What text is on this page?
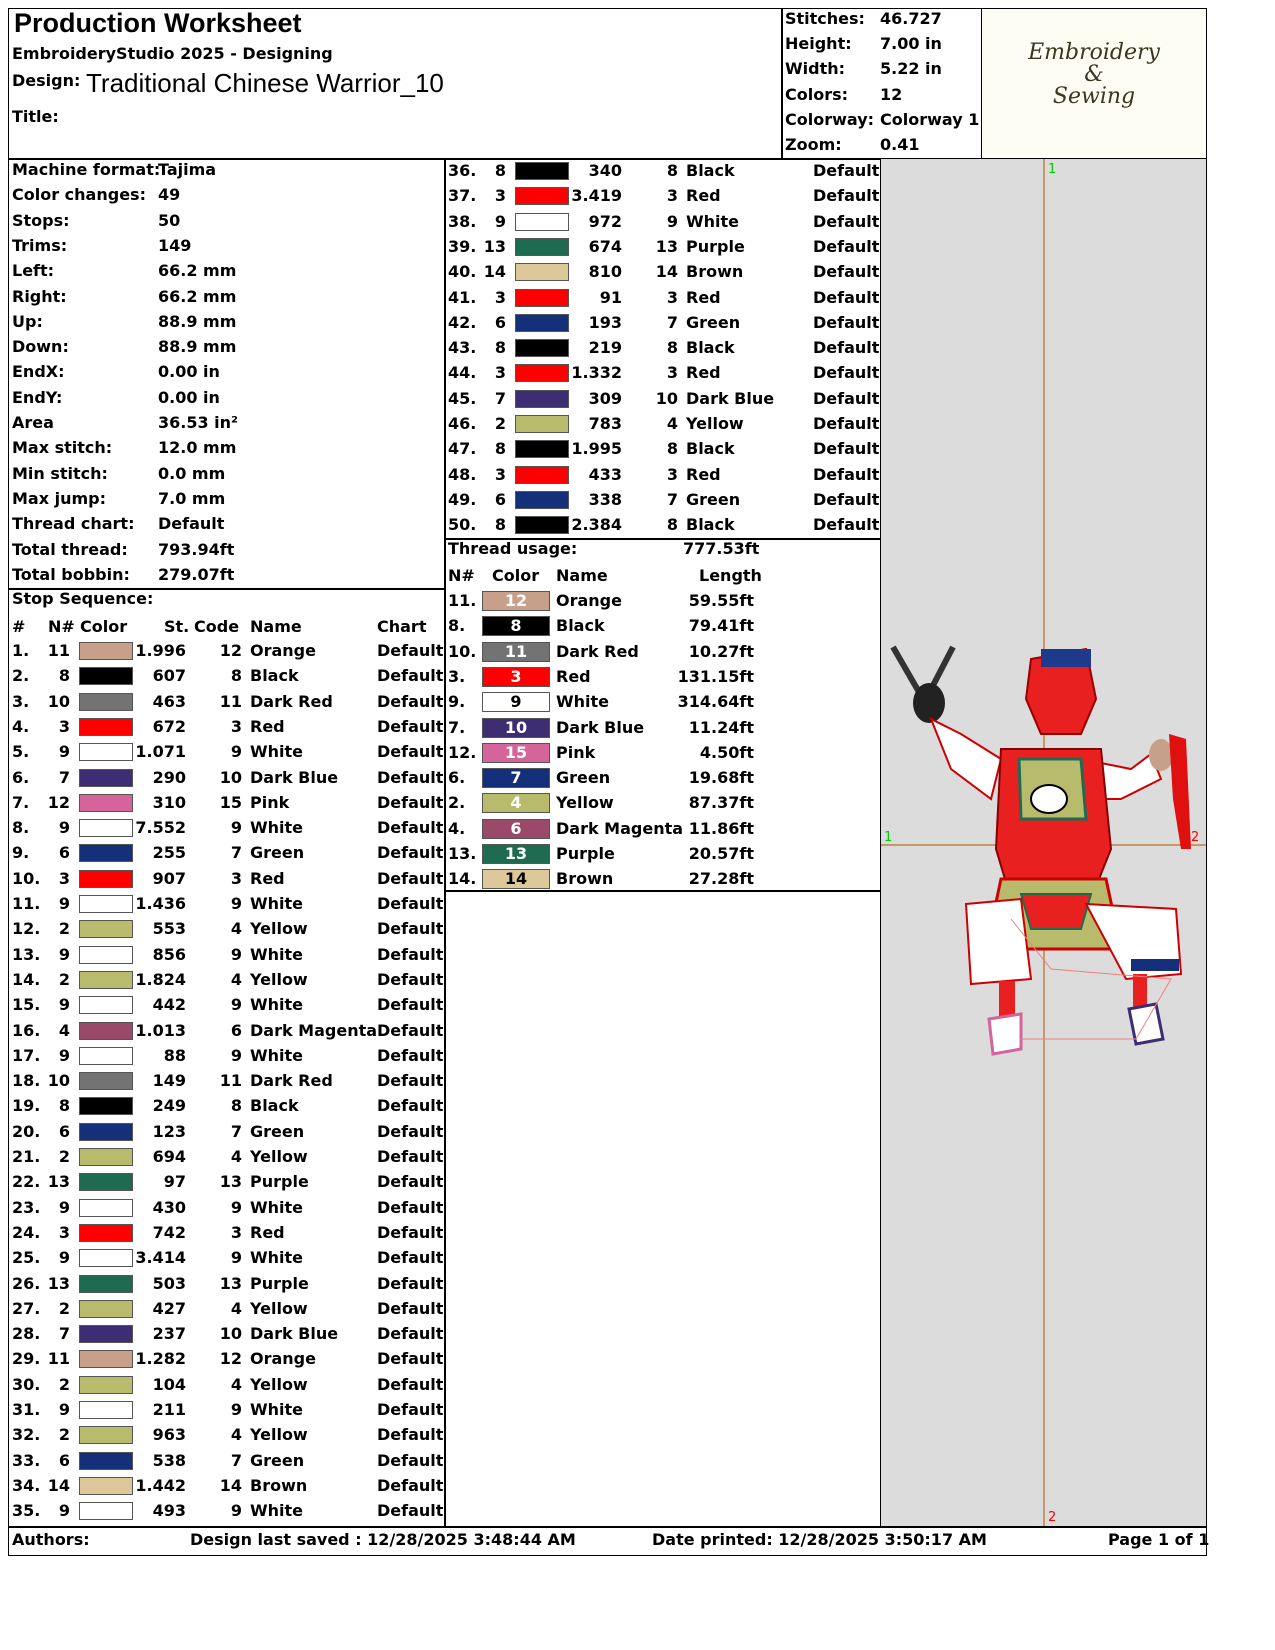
Production Worksheet
EmbroideryStudio 2025 - Designing
Design: Traditional Chinese Warrior_10
Title:
Stitches: 46.727
Height: 7.00 in
Width: 5.22 in
Colors: 12
Colorway: Colorway 1
Zoom: 0.41
Embroidery
&
Sewing
Machine format:
Tajima
Color changes: 49
Stops:	50
Trims:	149
Left:	66.2 mm
Right:	66.2 mm
Up:	88.9 mm
Down:	88.9 mm
EndX:	0.00 in
EndY:	0.00 in
Area	36.53 in²
Max stitch:	12.0 mm
Min stitch:	0.0 mm
Max jump:	7.0 mm
Thread chart: Default
Total thread: 793.94ft
Total bobbin: 279.07ft
Stop Sequence:
# N# Color St. Code Name	Chart
1. 11	1.996	12 Orange	Default
2.	8	607	8 Black	Default
3. 10	463	11 Dark Red	Default
4.	3	672	3 Red	Default
5.	9	1.071	9 White	Default
6.	7	290	10 Dark Blue Default
7. 12	310	15 Pink	Default
8.	9	7.552	9 White	Default
9.	6	255	7 Green	Default
10.	3	907	3 Red	Default
11.	9	1.436	9 White	Default
12.	2	553	4 Yellow	Default
13.	9	856	9 White	Default
14.	2	1.824	4 Yellow	Default
15.	9	442	9 White	Default
16.	4	1.013	6 Dark Magenta Default
17.	9	88	9 White	Default
18. 10	149	11 Dark Red	Default
19.	8	249	8 Black	Default
20.	6	123	7 Green	Default
21.	2	694	4 Yellow	Default
22. 13	97	13 Purple	Default
23.	9	430	9 White	Default
24.	3	742	3 Red	Default
25.	9	3.414	9 White	Default
26. 13	503	13 Purple	Default
27.	2	427	4 Yellow	Default
28.	7	237	10 Dark Blue Default
29. 11	1.282	12 Orange	Default
30.	2	104	4 Yellow	Default
31.	9	211	9 White	Default
32.	2	963	4 Yellow	Default
33.	6	538	7 Green	Default
34. 14	1.442	14 Brown	Default
35.	9	493	9 White	Default
36.	8	340	8 Black	Default
37.	3	3.419	3 Red	Default
38.	9	972	9 White	Default
39. 13	674	13 Purple	Default
40. 14	810	14 Brown	Default
41.	3	91	3 Red	Default
42.	6	193	7 Green	Default
43.	8	219	8 Black	Default
44.	3	1.332	3 Red	Default
45.	7	309	10 Dark Blue Default
46.	2	783	4 Yellow	Default
47.	8	1.995	8 Black	Default
48.	3	433	3 Red	Default
49.	6	338	7 Green	Default
50.	8	2.384	8 Black	Default
Thread usage:	777.53ft
N# Color Name	Length
11.	12	Orange	59.55ft
8.	8	Black	79.41ft
10.	11	Dark Red	10.27ft
3.	3	Red	131.15ft
9.	9	White	314.64ft
7.	10	Dark Blue	11.24ft
12.	15	Pink	4.50ft
6.	7	Green	19.68ft
2.	4	Yellow	87.37ft
4.	6	Dark Magenta 11.86ft
13.	13	Purple	20.57ft
14.	14	Brown	27.28ft
1
1	2
2
Authors:	Design last saved : 12/28/2025 3:48:44 AM	Date printed: 12/28/2025 3:50:17 AM	Page 1 of 1
